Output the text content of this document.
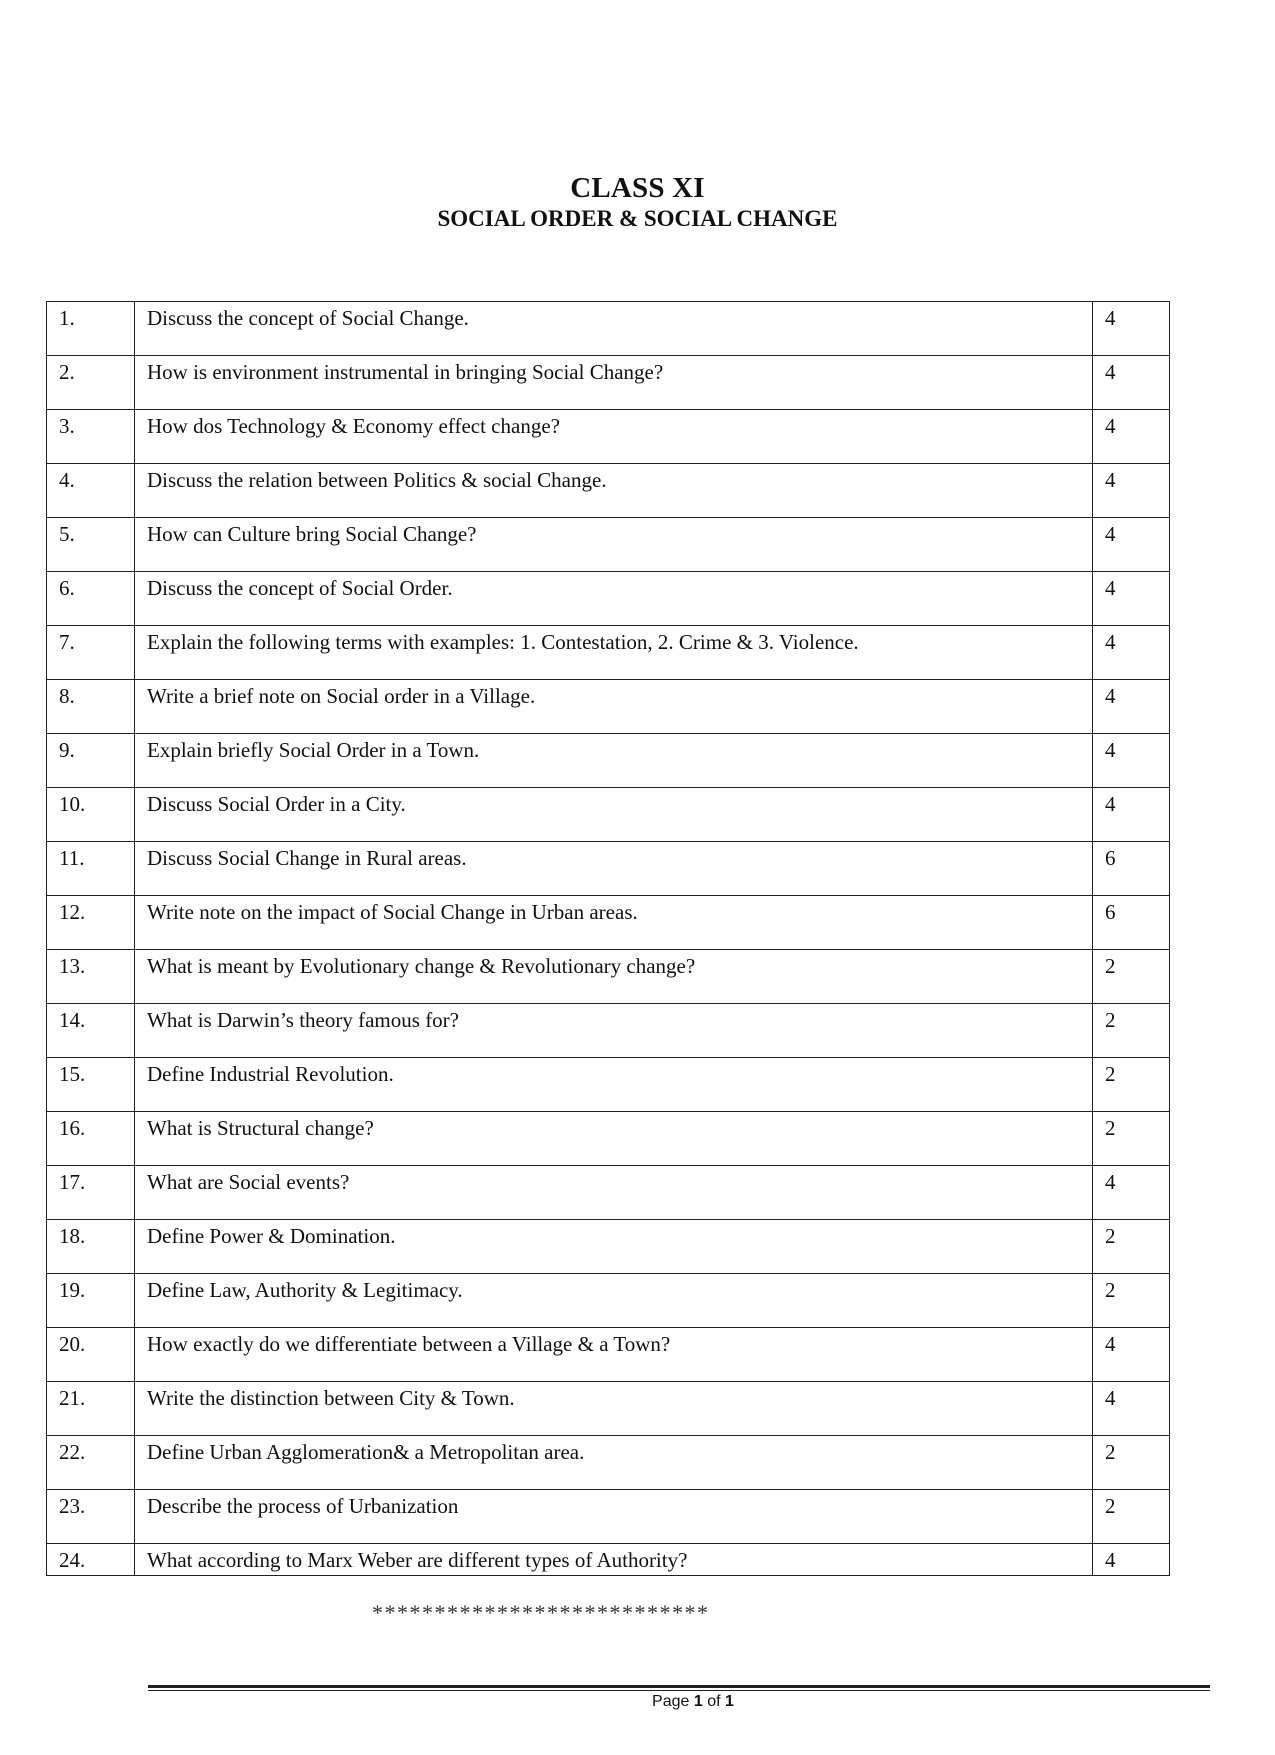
CLASS XI
SOCIAL ORDER & SOCIAL CHANGE
1.	Discuss the concept of Social Change.	4
2.	How is environment instrumental in bringing Social Change?	4
3.	How dos Technology & Economy effect change?	4
4.	Discuss the relation between Politics & social Change.	4
5.	How can Culture bring Social Change?	4
6.	Discuss the concept of Social Order.	4
7.	Explain the following terms with examples: 1. Contestation, 2. Crime & 3. Violence.	4
8.	Write a brief note on Social order in a Village.	4
9.	Explain briefly Social Order in a Town.	4
10.	Discuss Social Order in a City.	4
11.	Discuss Social Change in Rural areas.	6
12.	Write note on the impact of Social Change in Urban areas.	6
13.	What is meant by Evolutionary change & Revolutionary change?	2
14.	What is Darwin’s theory famous for?	2
15.	Define Industrial Revolution.	2
16.	What is Structural change?	2
17.	What are Social events?	4
18.	Define Power & Domination.	2
19.	Define Law, Authority & Legitimacy.	2
20.	How exactly do we differentiate between a Village & a Town?	4
21.	Write the distinction between City & Town.	4
22.	Define Urban Agglomeration& a Metropolitan area.	2
23.	Describe the process of Urbanization	2
24.	What according to Marx Weber are different types of Authority?	4
***************************
Page 1 of 1
